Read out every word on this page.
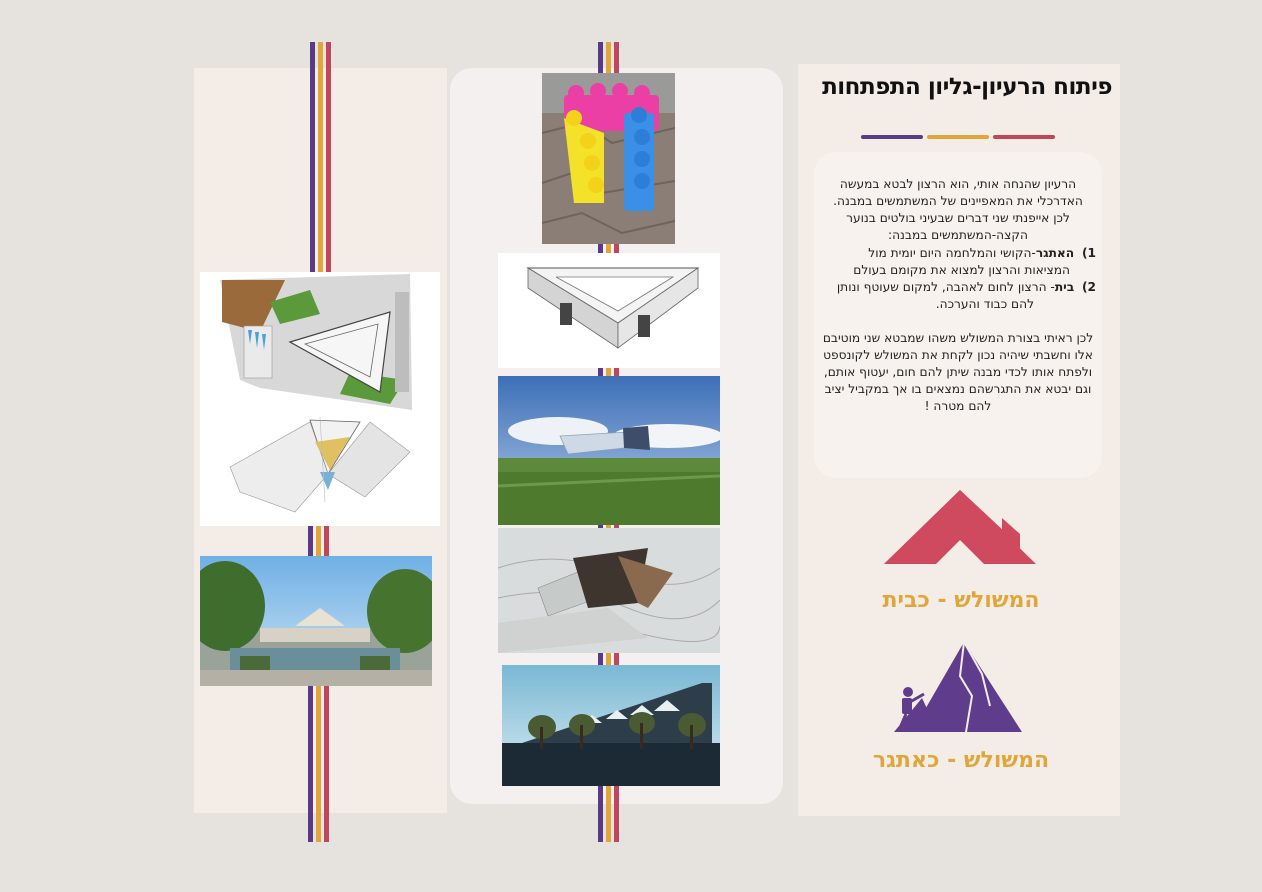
פיתוח הרעיון-גליון התפתחות
הרעיון שהנחה אותי, הוא הרצון לבטא במעשה
האדרכלי את המאפיינים של המשתמשים במבנה.
לכן אייפנתי שני דברים שבעיני בולטים בנוער
הקצה-המשתמשים במבנה:
1)  האתגר-הקושי והמלחמה היום יומית מול
המציאות והרצון למצוא את מקומם בעולם
2)  בית- הרצון לחום לאהבה, למקום שעוטף ונותן
להם כבוד והערכה.
לכן ראיתי בצורת המשולש משהו שמבטא שני מוטיבם
אלו וחשבתי שיהיה נכון לקחת את המשולש לקונספט
ולפתח אותו לכדי מבנה שיתן להם חום, יעטוף אותם,
וגם יבטא את התגרשהם נמצאים בו אך במקביל יציב
להם מטרה !
המשולש - כבית
המשולש - כאתגר
